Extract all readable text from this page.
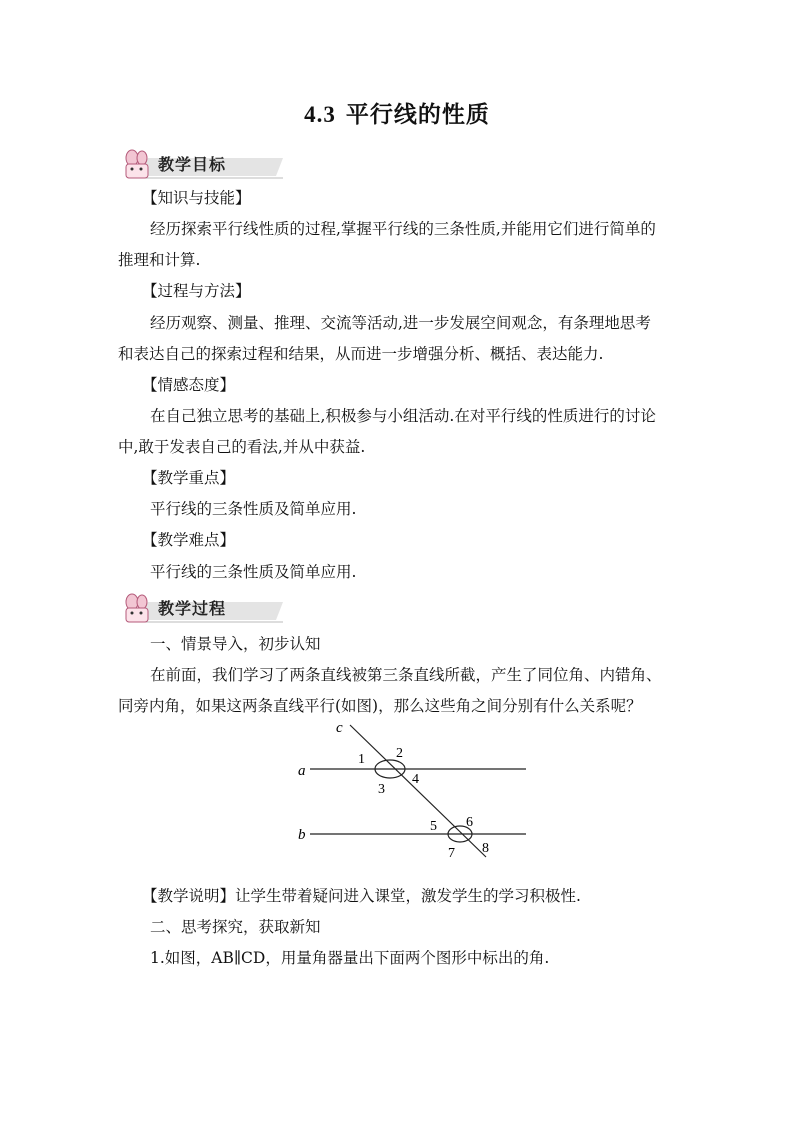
4.3 平行线的性质
教学目标
【知识与技能】
经历探索平行线性质的过程,掌握平行线的三条性质,并能用它们进行简单的
推理和计算.
【过程与方法】
经历观察、测量、推理、交流等活动,进一步发展空间观念，有条理地思考
和表达自己的探索过程和结果，从而进一步增强分析、概括、表达能力.
【情感态度】
在自己独立思考的基础上,积极参与小组活动.在对平行线的性质进行的讨论
中,敢于发表自己的看法,并从中获益.
【教学重点】
平行线的三条性质及简单应用.
【教学难点】
平行线的三条性质及简单应用.
教学过程
一、情景导入，初步认知
在前面，我们学习了两条直线被第三条直线所截，产生了同位角、内错角、
同旁内角，如果这两条直线平行(如图)，那么这些角之间分别有什么关系呢？
c
a
b
1 2
3
4
5 6
7 8
【教学说明】让学生带着疑问进入课堂，激发学生的学习积极性.
二、思考探究，获取新知
1.如图，AB∥CD，用量角器量出下面两个图形中标出的角.
